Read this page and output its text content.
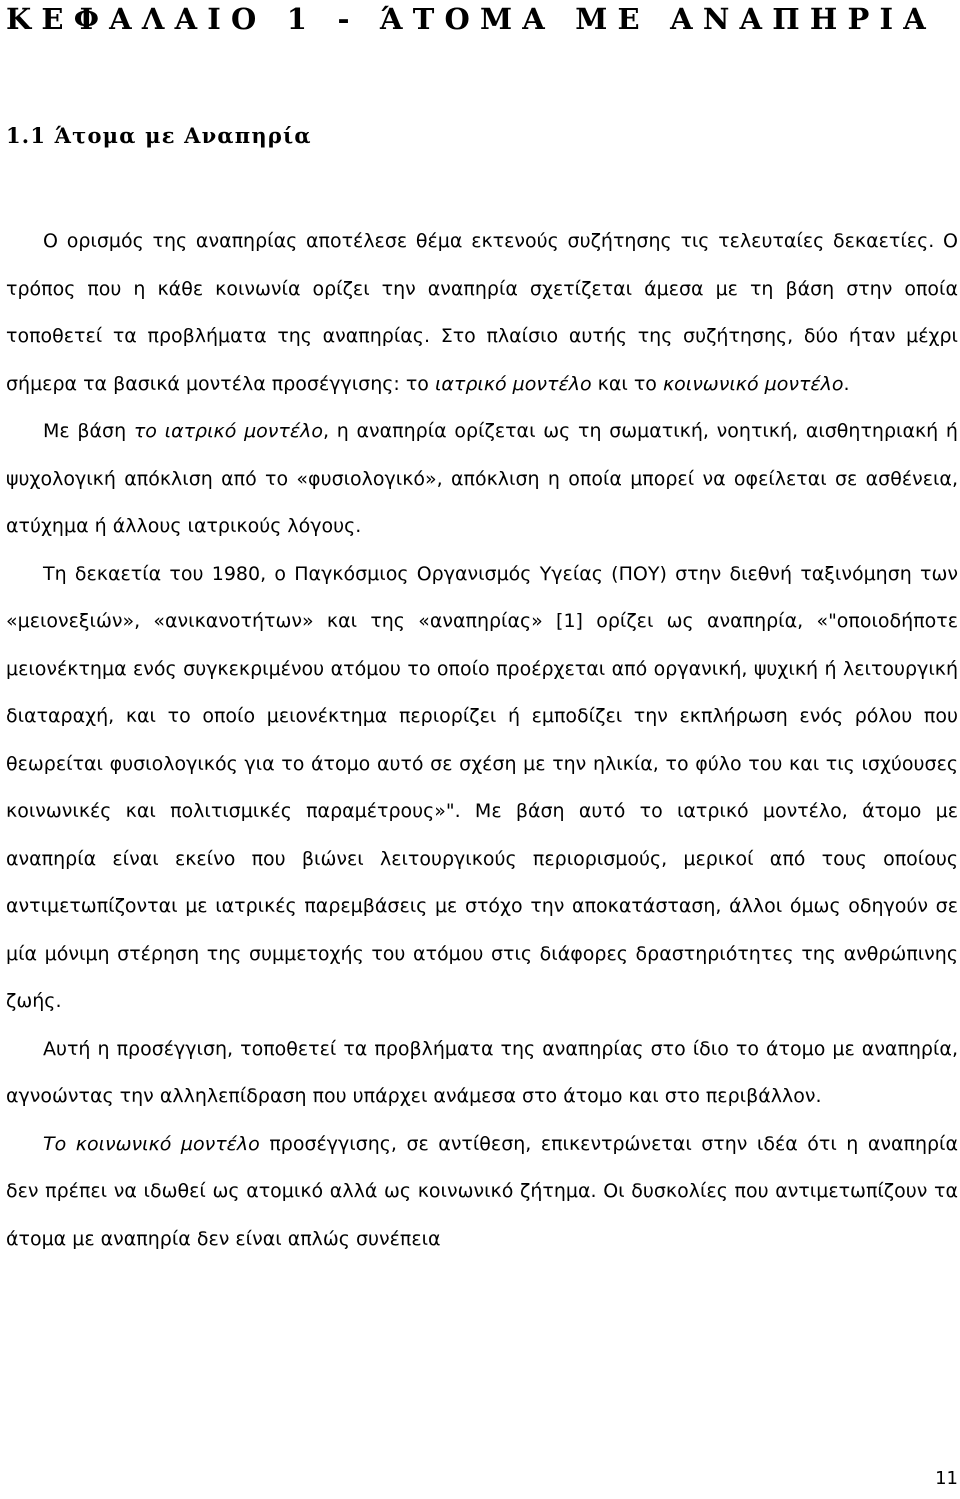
ΚΕΦΑΛΑΙΟ 1 - ΆΤΟΜΑ ΜΕ ΑΝΑΠΗΡΙΑ
1.1 Άτομα με Αναπηρία

Ο ορισμός της αναπηρίας αποτέλεσε θέμα εκτενούς συζήτησης τις τελευταίες δεκαετίες. Ο τρόπος που η κάθε κοινωνία ορίζει την αναπηρία σχετίζεται άμεσα με τη βάση στην οποία τοποθετεί τα προβλήματα της αναπηρίας. Στο πλαίσιο αυτής της συζήτησης, δύο ήταν μέχρι σήμερα τα βασικά μοντέλα προσέγγισης: το ιατρικό μοντέλο και το κοινωνικό μοντέλο.

Με βάση το ιατρικό μοντέλο, η αναπηρία ορίζεται ως τη σωματική, νοητική, αισθητηριακή ή ψυχολογική απόκλιση από το «φυσιολογικό», απόκλιση η οποία μπορεί να οφείλεται σε ασθένεια, ατύχημα ή άλλους ιατρικούς λόγους.

Τη δεκαετία του 1980, ο Παγκόσμιος Οργανισμός Υγείας (ΠΟΥ) στην διεθνή ταξινόμηση των «μειονεξιών», «ανικανοτήτων» και της «αναπηρίας» [1] ορίζει ως αναπηρία, «"οποιοδήποτε μειονέκτημα ενός συγκεκριμένου ατόμου το οποίο προέρχεται από οργανική, ψυχική ή λειτουργική διαταραχή, και το οποίο μειονέκτημα περιορίζει ή εμποδίζει την εκπλήρωση ενός ρόλου που θεωρείται φυσιολογικός για το άτομο αυτό σε σχέση με την ηλικία, το φύλο του και τις ισχύουσες κοινωνικές και πολιτισμικές παραμέτρους»". Με βάση αυτό το ιατρικό μοντέλο, άτομο με αναπηρία είναι εκείνο που βιώνει λειτουργικούς περιορισμούς, μερικοί από τους οποίους αντιμετωπίζονται με ιατρικές παρεμβάσεις με στόχο την αποκατάσταση, άλλοι όμως οδηγούν σε μία μόνιμη στέρηση της συμμετοχής του ατόμου στις διάφορες δραστηριότητες της ανθρώπινης ζωής.

Αυτή η προσέγγιση, τοποθετεί τα προβλήματα της αναπηρίας στο ίδιο το άτομο με αναπηρία, αγνοώντας την αλληλεπίδραση που υπάρχει ανάμεσα στο άτομο και στο περιβάλλον.

Το κοινωνικό μοντέλο προσέγγισης, σε αντίθεση, επικεντρώνεται στην ιδέα ότι η αναπηρία δεν πρέπει να ιδωθεί ως ατομικό αλλά ως κοινωνικό ζήτημα. Οι δυσκολίες που αντιμετωπίζουν τα άτομα με αναπηρία δεν είναι απλώς συνέπεια

11
